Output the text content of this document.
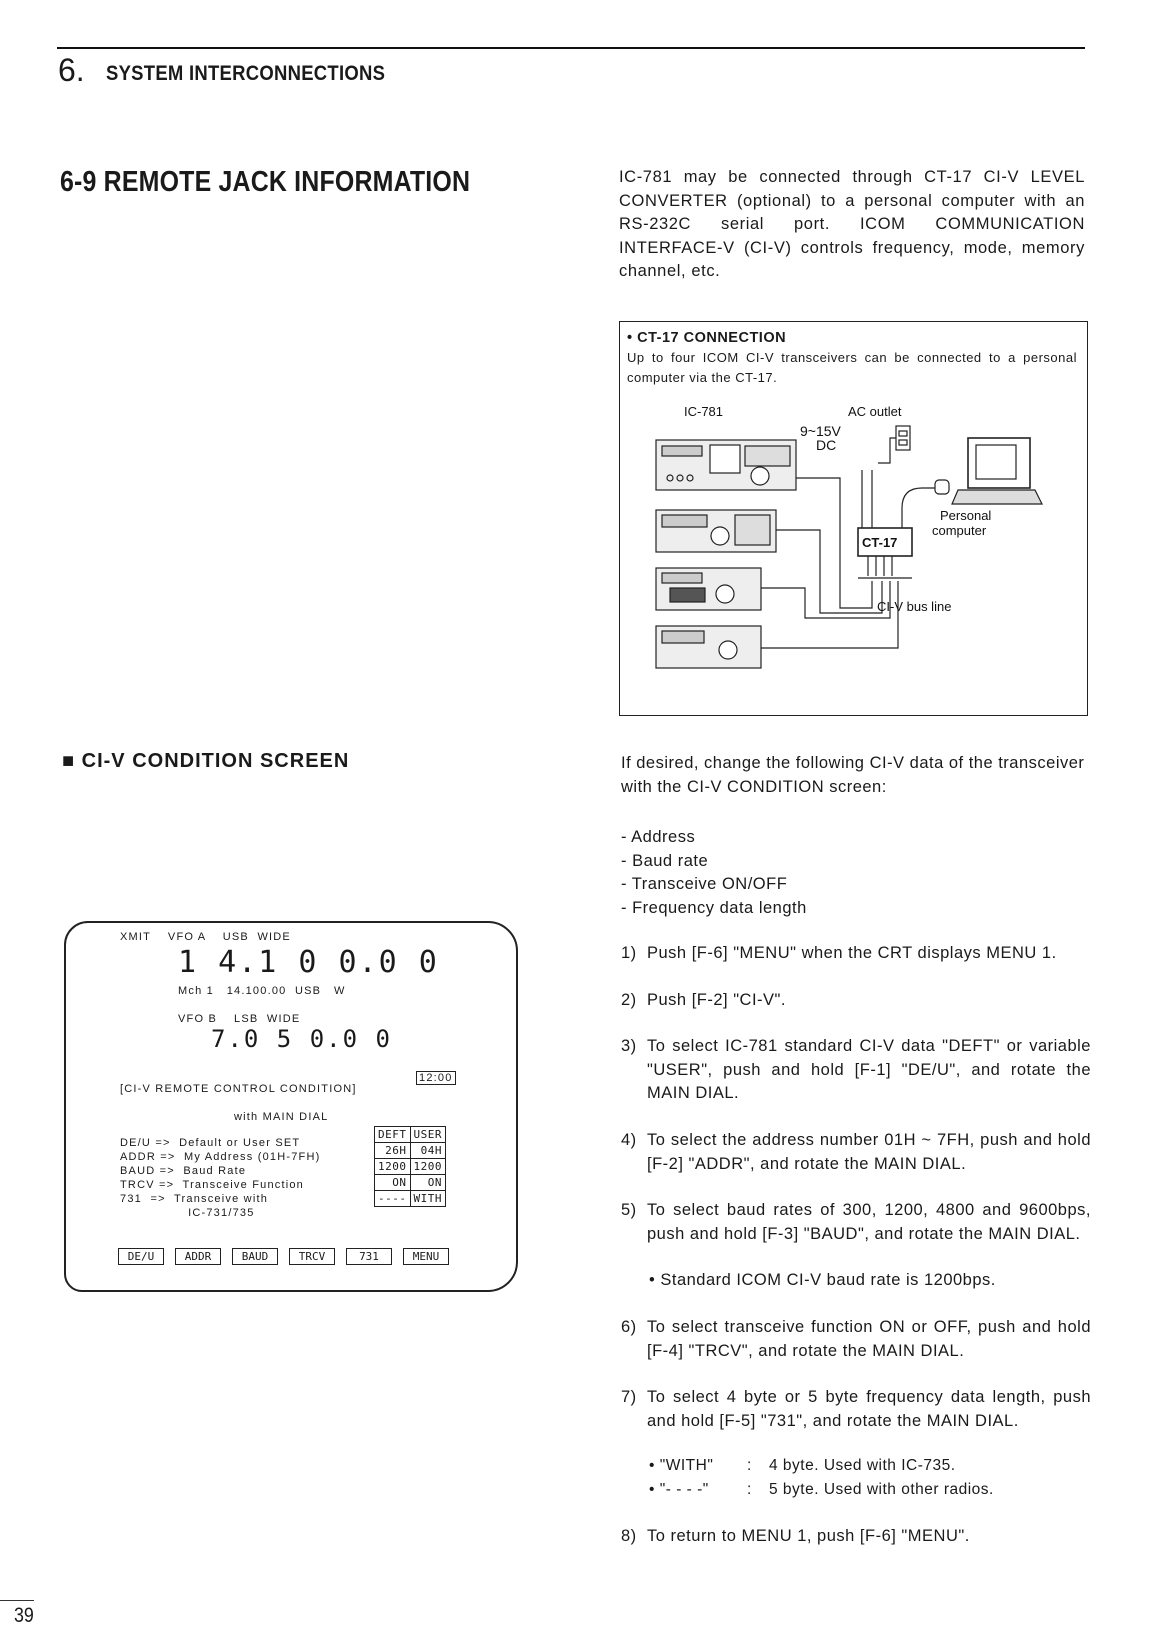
6. SYSTEM INTERCONNECTIONS
6-9 REMOTE JACK INFORMATION	IC-781 may be connected through CT-17 CI-V LEVEL CONVERTER (optional) to a personal computer with an RS-232C serial port. ICOM COMMUNICATION INTERFACE-V (CI-V) controls frequency, mode, memory channel, etc.
• CT-17 CONNECTION
Up to four ICOM CI-V transceivers can be connected to a personal computer via the CT-17.
IC-781	AC outlet
9~15V
DC
CT-17
Personal
computer
CI-V bus line
■ CI-V CONDITION SCREEN	If desired, change the following CI-V data of the transceiver with the CI-V CONDITION screen:
- Address
- Baud rate
- Transceive ON/OFF
- Frequency data length
1) Push [F-6] "MENU" when the CRT displays MENU 1.
2) Push [F-2] "CI-V".
3) To select IC-781 standard CI-V data "DEFT" or variable "USER", push and hold [F-1] "DE/U", and rotate the MAIN DIAL.
4) To select the address number 01H ~ 7FH, push and hold [F-2] "ADDR", and rotate the MAIN DIAL.
5) To select baud rates of 300, 1200, 4800 and 9600bps, push and hold [F-3] "BAUD", and rotate the MAIN DIAL.
• Standard ICOM CI-V baud rate is 1200bps.
6) To select transceive function ON or OFF, push and hold [F-4] "TRCV", and rotate the MAIN DIAL.
7) To select 4 byte or 5 byte frequency data length, push and hold [F-5] "731", and rotate the MAIN DIAL.
• "WITH"	:	4 byte. Used with IC-735.
• "- - - -"	:	5 byte. Used with other radios.
8) To return to MENU 1, push [F-6] "MENU".
XMIT    VFO A    USB  WIDE
1 4.1 0 0.0 0
Mch 1   14.100.00  USB   W
VFO B    LSB  WIDE
7.0 5 0.0 0
12:00
[CI-V REMOTE CONTROL CONDITION]
with MAIN DIAL
DE/U =>  Default or User SET
ADDR =>  My Address (01H-7FH)
BAUD =>  Baud Rate
TRCV =>  Transceive Function
731  =>  Transceive with
IC-731/735
DEFT	USER
26H	04H
1200	1200
ON	ON
----	WITH
DE/U	ADDR	BAUD	TRCV	731	MENU
39
